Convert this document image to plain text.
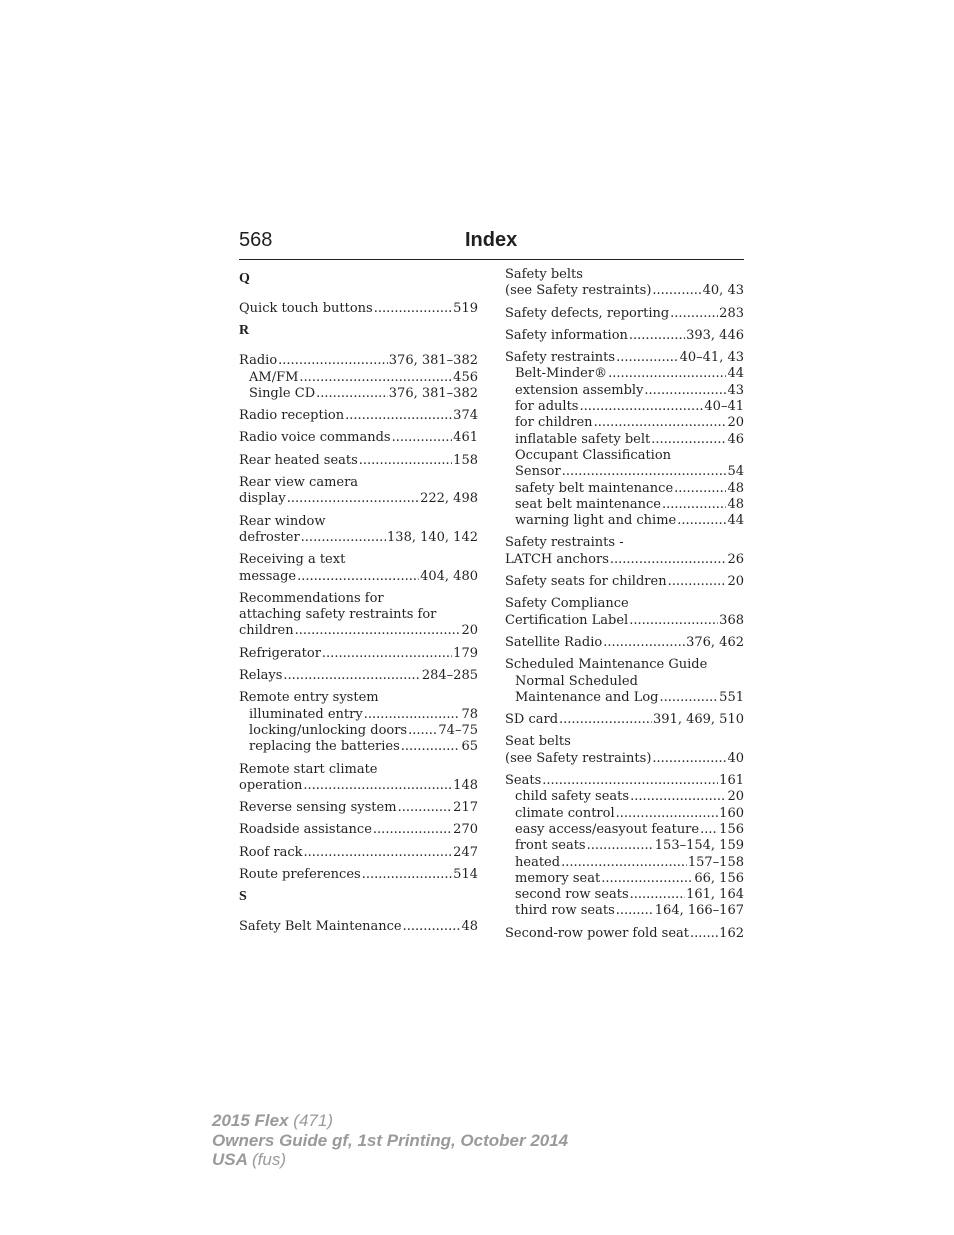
568	Index
Q
Quick touch buttons .....	519
R
Radio .....	376, 381–382
AM/FM .....	456
Single CD .....	376, 381–382
Radio reception .....	374
Radio voice commands .....	461
Rear heated seats .....	158
Rear view camera
display .....	222, 498
Rear window
defroster .....	138, 140, 142
Receiving a text
message .....	404, 480
Recommendations for
attaching safety restraints for
children .....	20
Refrigerator .....	179
Relays .....	284–285
Remote entry system
illuminated entry .....	78
locking/unlocking doors ..... 74–75
replacing the batteries .....	65
Remote start climate
operation .....	148
Reverse sensing system .....	217
Roadside assistance .....	270
Roof rack .....	247
Route preferences .....	514
S
Safety Belt Maintenance .....	48
Safety belts
(see Safety restraints) .....	40, 43
Safety defects, reporting .....	283
Safety information .....	393, 446
Safety restraints .....	40–41, 43
Belt-Minder® .....	44
extension assembly .....	43
for adults .....	40–41
for children .....	20
inflatable safety belt .....	46
Occupant Classification
Sensor .....	54
safety belt maintenance .....	48
seat belt maintenance .....	48
warning light and chime .....	44
Safety restraints -
LATCH anchors .....	26
Safety seats for children .....	20
Safety Compliance
Certification Label .....	368
Satellite Radio .....	376, 462
Scheduled Maintenance Guide
Normal Scheduled
Maintenance and Log .....	551
SD card .....	391, 469, 510
Seat belts
(see Safety restraints) .....	40
Seats .....	161
child safety seats .....	20
climate control .....	160
easy access/easyout feature ..... 156
front seats .....	153–154, 159
heated .....	157–158
memory seat .....	66, 156
second row seats .....	161, 164
third row seats .....	164, 166–167
Second-row power fold seat ..... 162
2015 Flex (471)
Owners Guide gf, 1st Printing, October 2014
USA (fus)
